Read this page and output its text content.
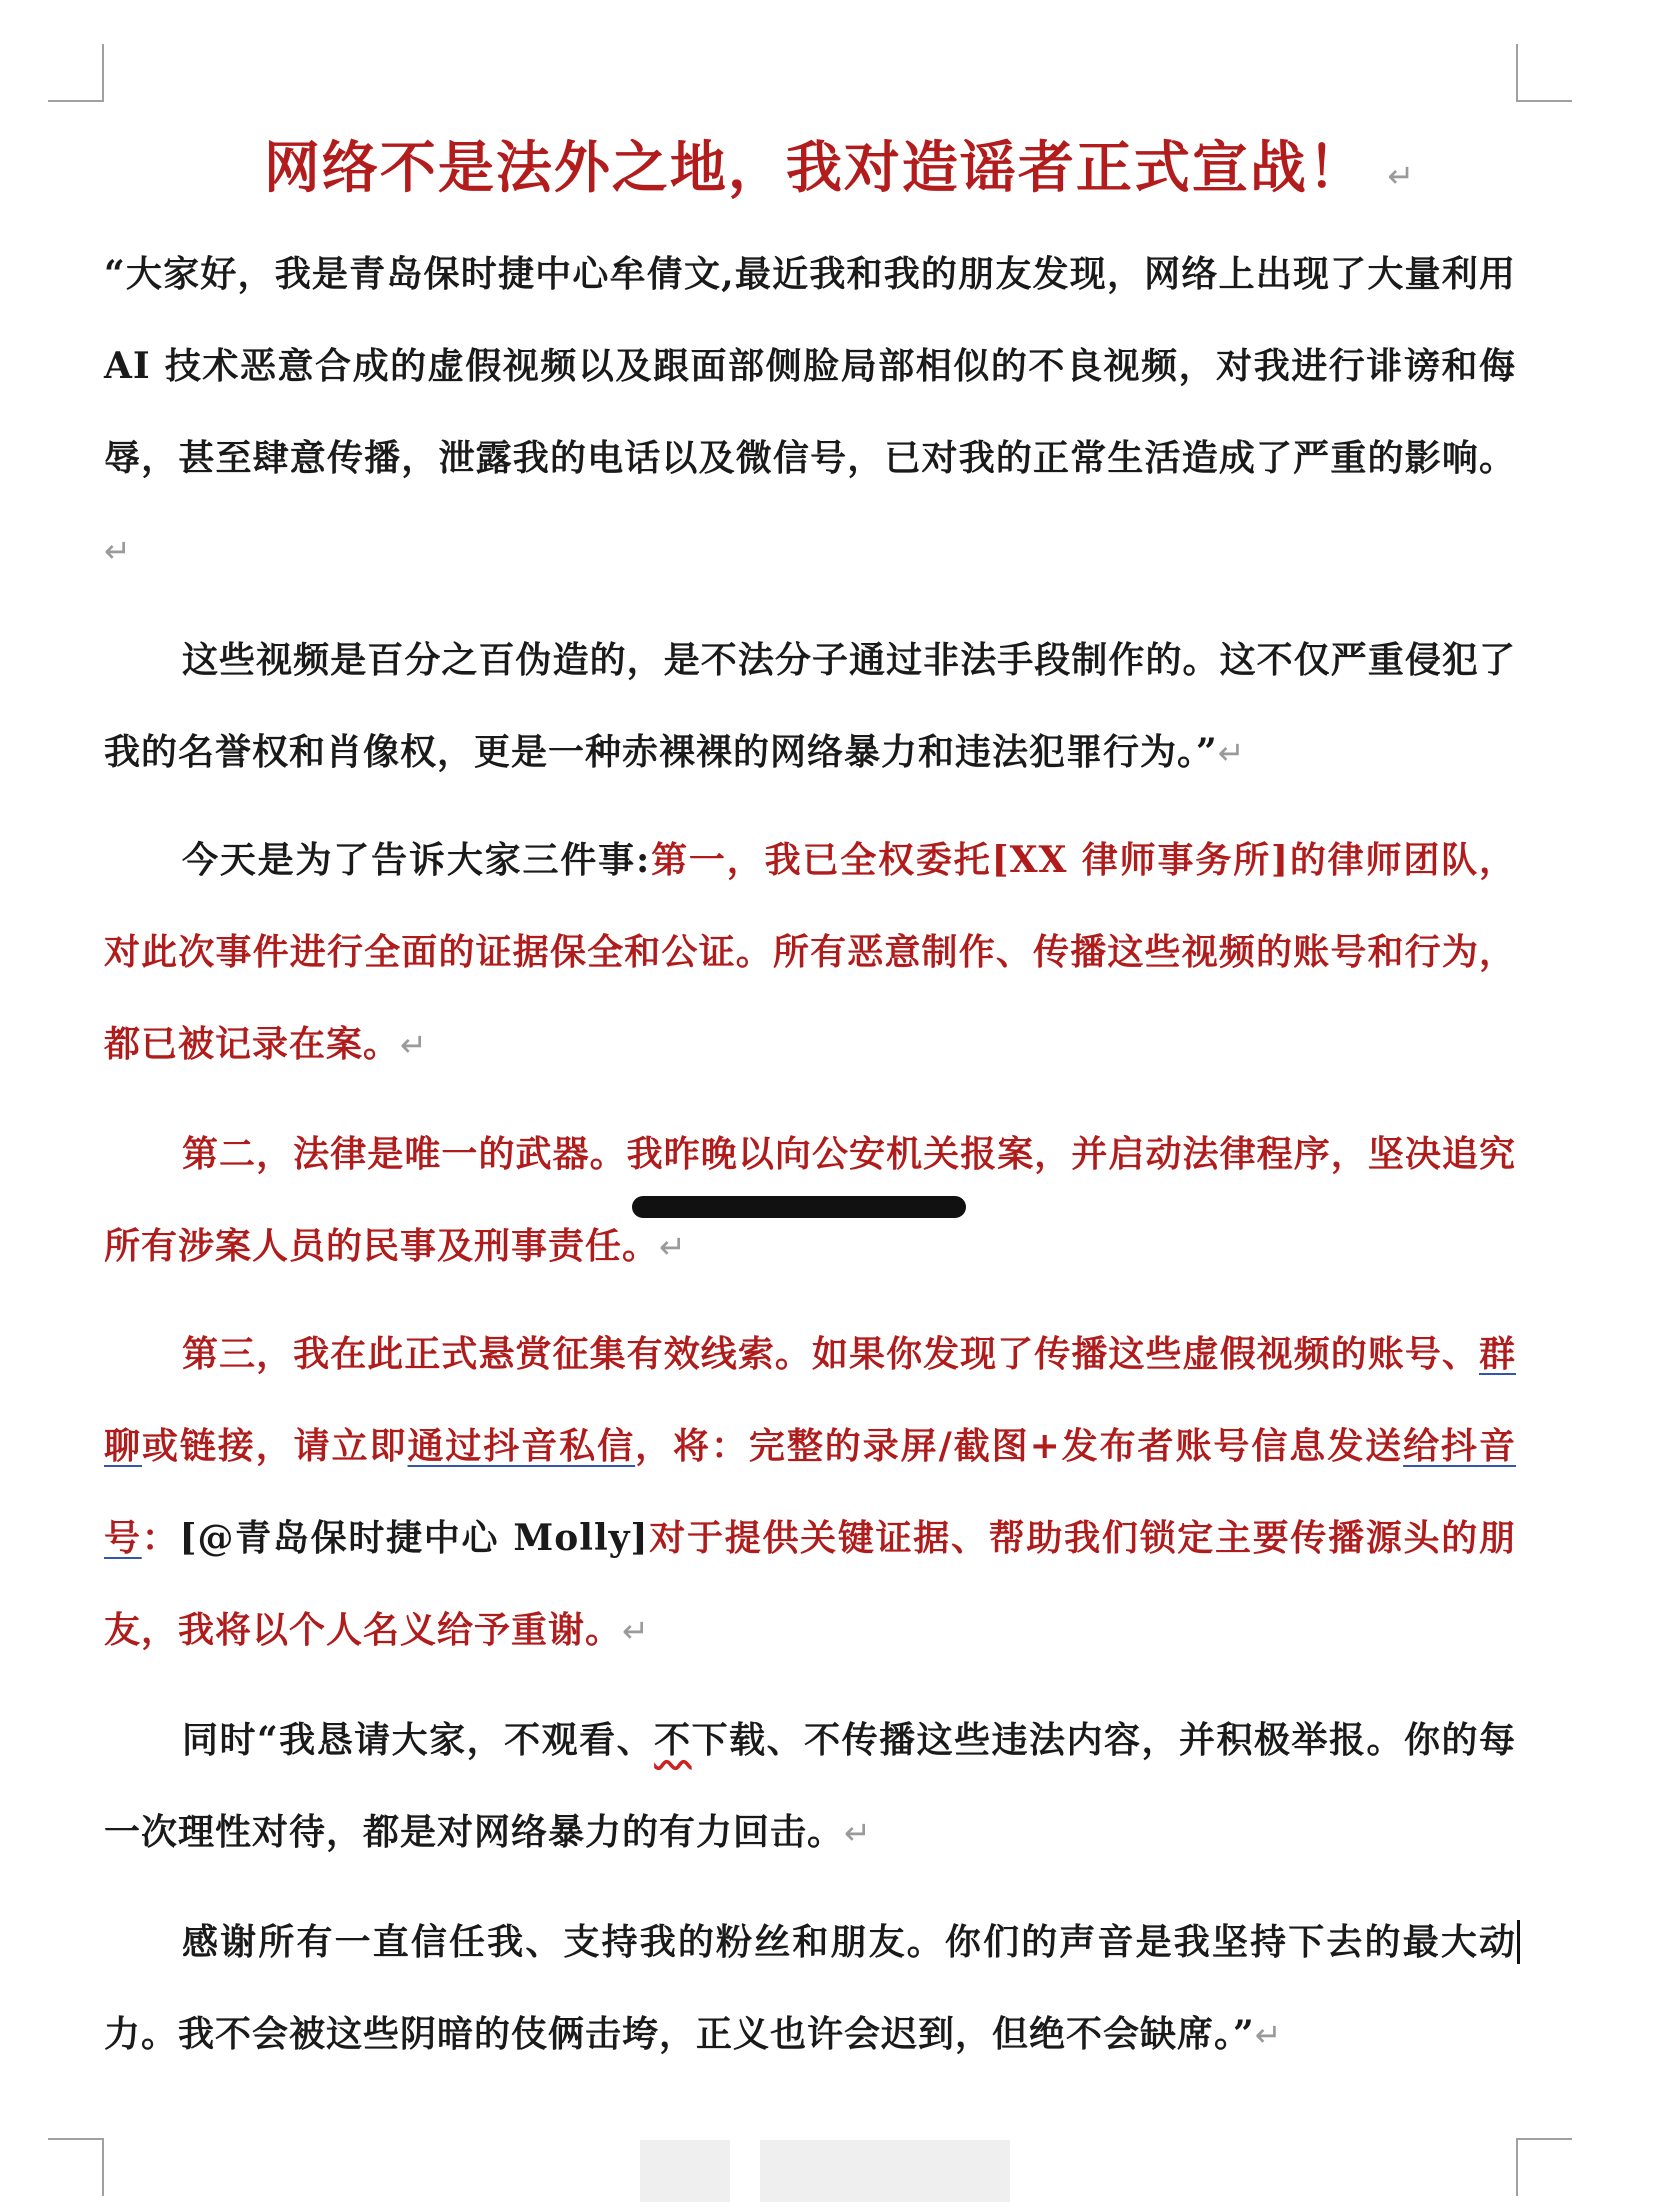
网络不是法外之地，我对造谣者正式宣战！ ↵
“大家好，我是青岛保时捷中心牟倩文,最近我和我的朋友发现，网络上出现了大量利用 AI 技术恶意合成的虚假视频以及跟面部侧脸局部相似的不良视频，对我进行诽谤和侮辱，甚至肆意传播，泄露我的电话以及微信号，已对我的正常生活造成了严重的影响。↵
这些视频是百分之百伪造的，是不法分子通过非法手段制作的。这不仅严重侵犯了我的名誉权和肖像权，更是一种赤裸裸的网络暴力和违法犯罪行为。”↵
今天是为了告诉大家三件事:第一，我已全权委托[XX 律师事务所]的律师团队，对此次事件进行全面的证据保全和公证。所有恶意制作、传播这些视频的账号和行为，都已被记录在案。↵
第二，法律是唯一的武器。我昨晚以向公安机关报案，并启动法律程序，坚决追究所有涉案人员的民事及刑事责任。↵
第三，我在此正式悬赏征集有效线索。如果你发现了传播这些虚假视频的账号、群聊或链接，请立即通过抖音私信，将：完整的录屏/截图+发布者账号信息发送给抖音号：[@青岛保时捷中心 Molly]对于提供关键证据、帮助我们锁定主要传播源头的朋友，我将以个人名义给予重谢。↵
同时“我恳请大家，不观看、不下载、不传播这些违法内容，并积极举报。你的每一次理性对待，都是对网络暴力的有力回击。↵
感谢所有一直信任我、支持我的粉丝和朋友。你们的声音是我坚持下去的最大动力。我不会被这些阴暗的伎俩击垮，正义也许会迟到，但绝不会缺席。”↵
